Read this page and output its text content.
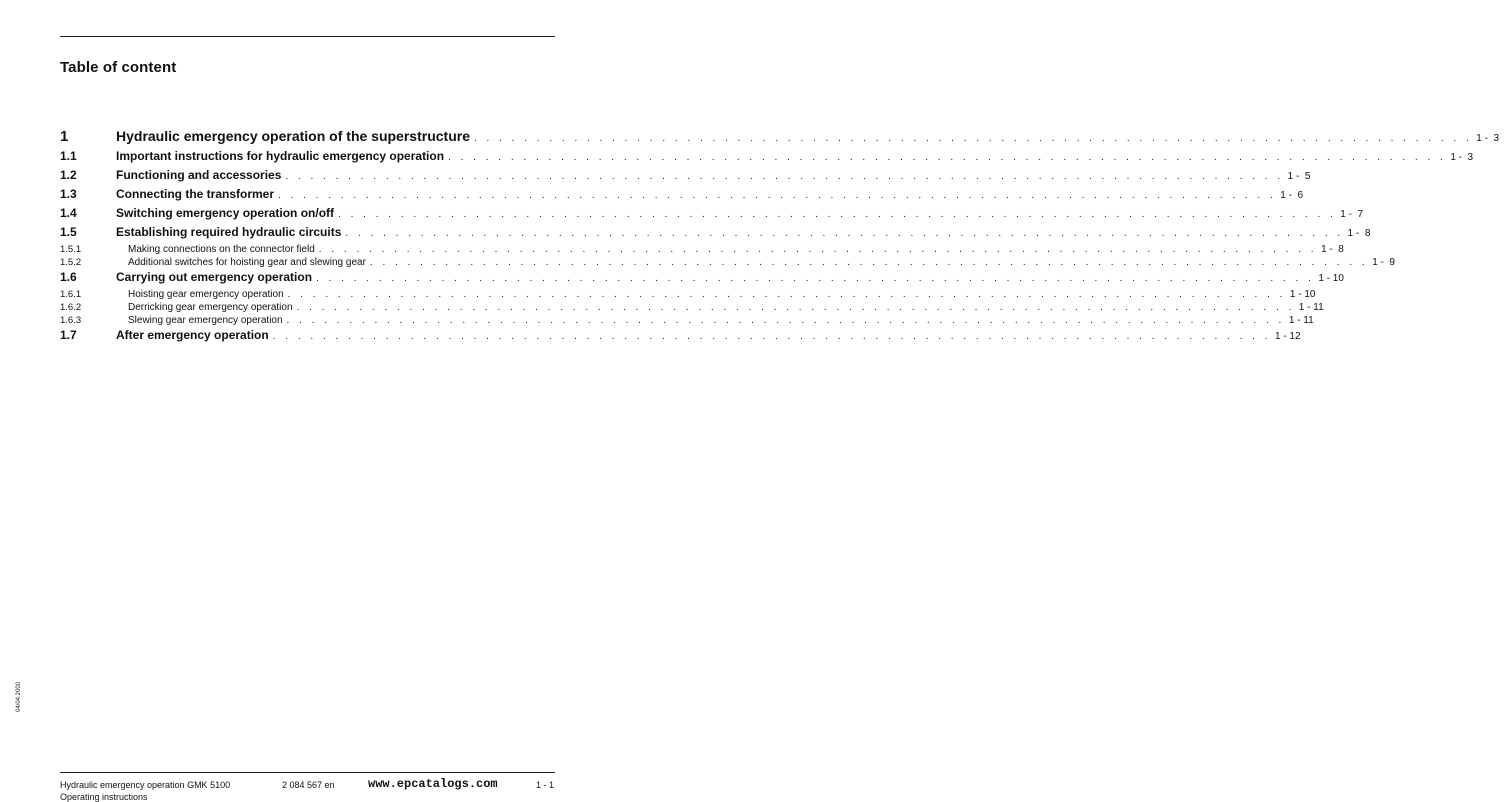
Table of content
1	Hydraulic emergency operation of the superstructure . . . . . . . . . . . . . . . . . . . . . . . . . . . . . . . . . . . . . . . . . . . . . . . . . . . . . . . . . . . . . . . . . . . . . . . . . . . . . . . . 1 -  3
1.1	Important instructions for hydraulic emergency operation . . . . . . . . . . . . . . . . . . . . . . . . . . . . . . . . . . . . . . . . . . . . . . . . . . . . . . . . . . . . . . . . . . . . . . . . . . . . . . . . 1 -  3
1.2	Functioning and accessories . . . . . . . . . . . . . . . . . . . . . . . . . . . . . . . . . . . . . . . . . . . . . . . . . . . . . . . . . . . . . . . . . . . . . . . . . . . . . . . . 1 -  5
1.3	Connecting the transformer . . . . . . . . . . . . . . . . . . . . . . . . . . . . . . . . . . . . . . . . . . . . . . . . . . . . . . . . . . . . . . . . . . . . . . . . . . . . . . . . 1 -  6
1.4	Switching emergency operation on/off . . . . . . . . . . . . . . . . . . . . . . . . . . . . . . . . . . . . . . . . . . . . . . . . . . . . . . . . . . . . . . . . . . . . . . . . . . . . . . . . 1 -  7
1.5	Establishing required hydraulic circuits . . . . . . . . . . . . . . . . . . . . . . . . . . . . . . . . . . . . . . . . . . . . . . . . . . . . . . . . . . . . . . . . . . . . . . . . . . . . . . . . 1 -  8
1.5.1	Making connections on the connector field . . . . . . . . . . . . . . . . . . . . . . . . . . . . . . . . . . . . . . . . . . . . . . . . . . . . . . . . . . . . . . . . . . . . . . . . . . . . . . . . 1 -  8
1.5.2	Additional switches for hoisting gear and slewing gear . . . . . . . . . . . . . . . . . . . . . . . . . . . . . . . . . . . . . . . . . . . . . . . . . . . . . . . . . . . . . . . . . . . . . . . . . . . . . . . . 1 -  9
1.6	Carrying out emergency operation . . . . . . . . . . . . . . . . . . . . . . . . . . . . . . . . . . . . . . . . . . . . . . . . . . . . . . . . . . . . . . . . . . . . . . . . . . . . . . . . 1 - 10
1.6.1	Hoisting gear emergency operation . . . . . . . . . . . . . . . . . . . . . . . . . . . . . . . . . . . . . . . . . . . . . . . . . . . . . . . . . . . . . . . . . . . . . . . . . . . . . . . . 1 - 10
1.6.2	Derricking gear emergency operation . . . . . . . . . . . . . . . . . . . . . . . . . . . . . . . . . . . . . . . . . . . . . . . . . . . . . . . . . . . . . . . . . . . . . . . . . . . . . . . . 1 - 11
1.6.3	Slewing gear emergency operation . . . . . . . . . . . . . . . . . . . . . . . . . . . . . . . . . . . . . . . . . . . . . . . . . . . . . . . . . . . . . . . . . . . . . . . . . . . . . . . . 1 - 11
1.7	After emergency operation . . . . . . . . . . . . . . . . . . . . . . . . . . . . . . . . . . . . . . . . . . . . . . . . . . . . . . . . . . . . . . . . . . . . . . . . . . . . . . . . 1 - 12
04/04.2000
Hydraulic emergency operation GMK 5100
Operating instructions
2 084 567 en	www.epcatalogs.com	1 - 1
